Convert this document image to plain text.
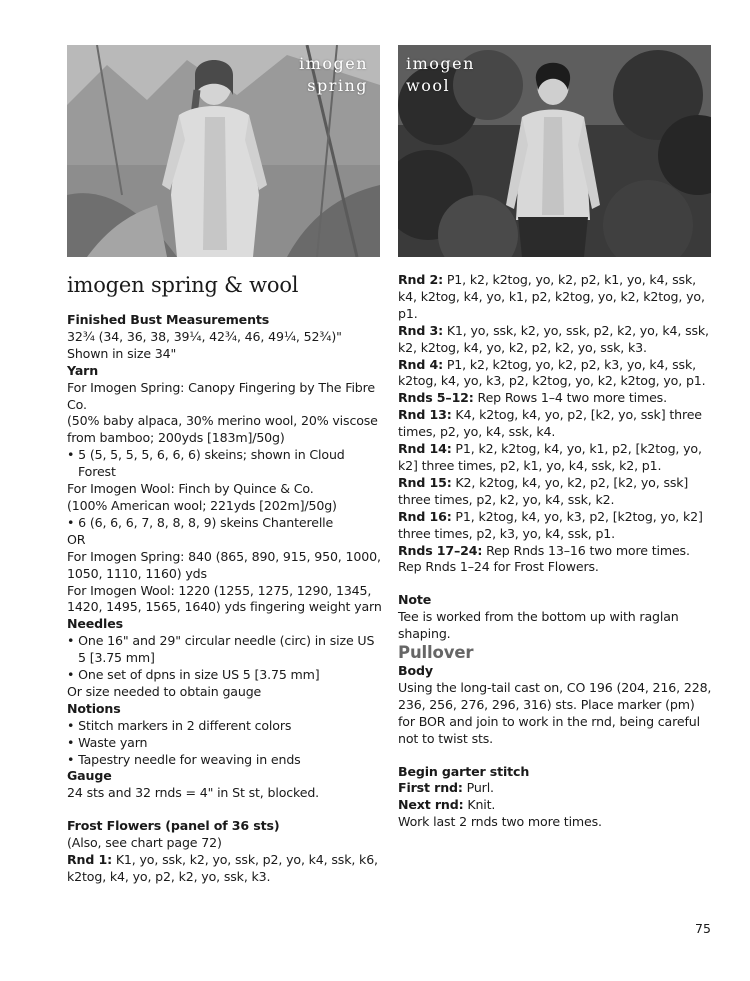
imogen
spring
imogen
wool
imogen spring & wool

Finished Bust Measurements

32¾ (34, 36, 38, 39¼, 42¾, 46, 49¼, 52¾)"

Shown in size 34"

Yarn

For Imogen Spring: Canopy Fingering by The Fibre Co.

(50% baby alpaca, 30% merino wool, 20% viscose from bamboo; 200yds [183m]/50g)

• 5 (5, 5, 5, 5, 6, 6, 6) skeins; shown in Cloud Forest

For Imogen Wool: Finch by Quince & Co.

(100% American wool; 221yds [202m]/50g)

• 6 (6, 6, 6, 7, 8, 8, 8, 9) skeins Chanterelle

OR

For Imogen Spring: 840 (865, 890, 915, 950, 1000, 1050, 1110, 1160) yds

For Imogen Wool: 1220 (1255, 1275, 1290, 1345, 1420, 1495, 1565, 1640) yds fingering weight yarn

Needles

• One 16" and 29" circular needle (circ) in size US 5 [3.75 mm]

• One set of dpns in size US 5 [3.75 mm]

Or size needed to obtain gauge

Notions

• Stitch markers in 2 different colors

• Waste yarn

• Tapestry needle for weaving in ends

Gauge

24 sts and 32 rnds = 4" in St st, blocked.

Frost Flowers (panel of 36 sts)

(Also, see chart page 72)

Rnd 1: K1, yo, ssk, k2, yo, ssk, p2, yo, k4, ssk, k6, k2tog, k4, yo, p2, k2, yo, ssk, k3.

Rnd 2: P1, k2, k2tog, yo, k2, p2, k1, yo, k4, ssk, k4, k2tog, k4, yo, k1, p2, k2tog, yo, k2, k2tog, yo, p1.

Rnd 3: K1, yo, ssk, k2, yo, ssk, p2, k2, yo, k4, ssk, k2, k2tog, k4, yo, k2, p2, k2, yo, ssk, k3.

Rnd 4: P1, k2, k2tog, yo, k2, p2, k3, yo, k4, ssk, k2tog, k4, yo, k3, p2, k2tog, yo, k2, k2tog, yo, p1.

Rnds 5–12: Rep Rows 1–4 two more times.

Rnd 13: K4, k2tog, k4, yo, p2, [k2, yo, ssk] three times, p2, yo, k4, ssk, k4.

Rnd 14: P1, k2, k2tog, k4, yo, k1, p2, [k2tog, yo, k2] three times, p2, k1, yo, k4, ssk, k2, p1.

Rnd 15: K2, k2tog, k4, yo, k2, p2, [k2, yo, ssk] three times, p2, k2, yo, k4, ssk, k2.

Rnd 16: P1, k2tog, k4, yo, k3, p2, [k2tog, yo, k2] three times, p2, k3, yo, k4, ssk, p1.

Rnds 17–24: Rep Rnds 13–16 two more times.

Rep Rnds 1–24 for Frost Flowers.

Note

Tee is worked from the bottom up with raglan shaping.

Pullover

Body

Using the long-tail cast on, CO 196 (204, 216, 228, 236, 256, 276, 296, 316) sts. Place marker (pm) for BOR and join to work in the rnd, being careful not to twist sts.

Begin garter stitch

First rnd: Purl.

Next rnd: Knit.

Work last 2 rnds two more times.

75
